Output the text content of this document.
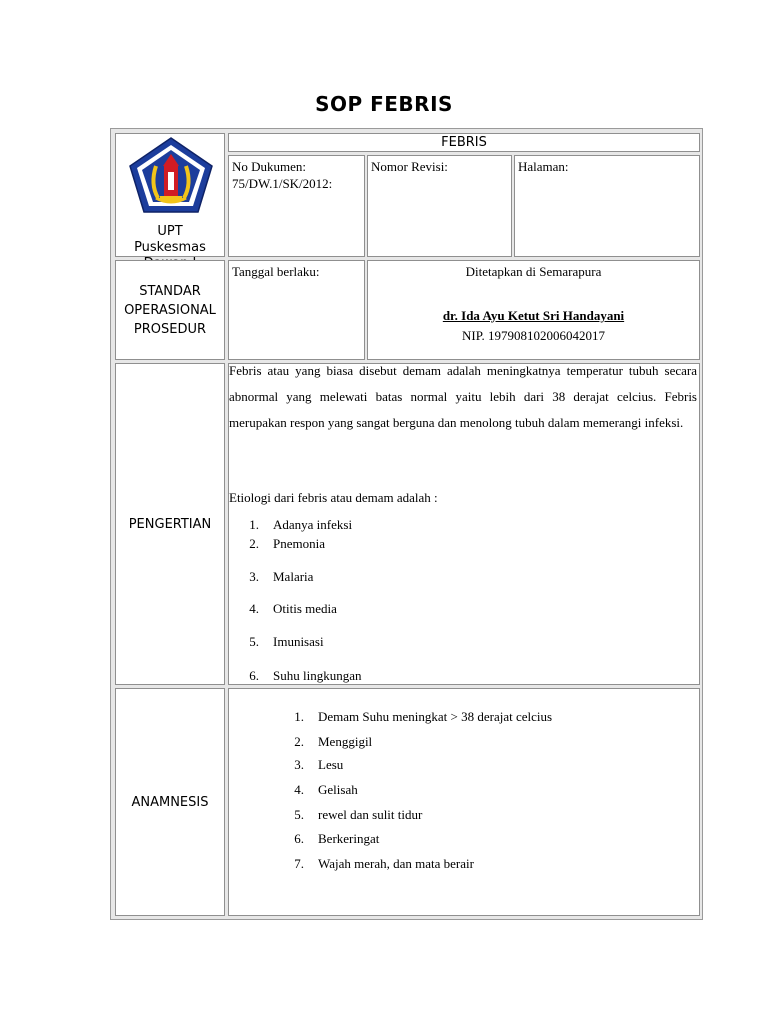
SOP FEBRIS
UPT Puskesmas
FEBRIS
No Dukumen: 75/DW.1/SK/2012:
Nomor Revisi:	Halaman:
STANDAR OPERASIONAL PROSEDUR
Tanggal berlaku:	Ditetapkan di Semarapura
dr. Ida Ayu Ketut Sri Handayani
NIP. 197908102006042017
PENGERTIAN
Febris atau yang biasa disebut demam adalah meningkatnya temperatur tubuh secara abnormal yang melewati batas normal yaitu lebih dari 38 derajat celcius. Febris merupakan respon yang sangat berguna dan menolong tubuh dalam memerangi infeksi.
Etiologi dari febris atau demam adalah :
1. Adanya infeksi
2. Pnemonia
3. Malaria
4. Otitis media
5. Imunisasi
6. Suhu lingkungan
ANAMNESIS
1. Demam Suhu meningkat > 38 derajat celcius
2. Menggigil
3. Lesu
4. Gelisah
5. rewel dan sulit tidur
6. Berkeringat
7. Wajah merah, dan mata berair
